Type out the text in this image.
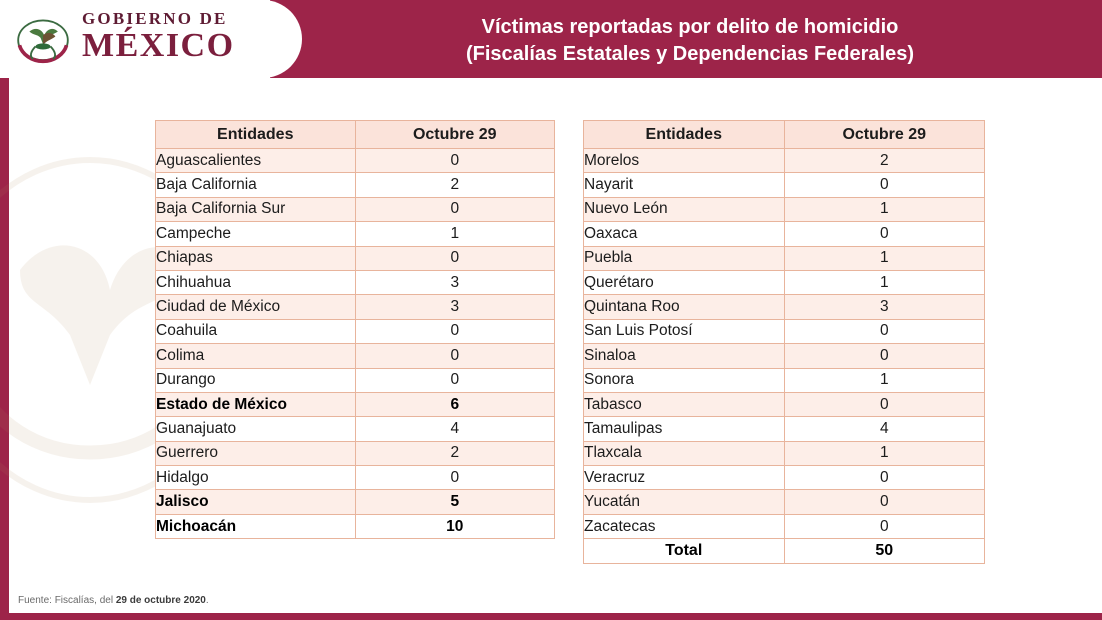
GOBIERNO DE
MÉXICO	Víctimas reportadas por delito de homicidio
(Fiscalías Estatales y Dependencias Federales)
Entidades	Octubre 29
Aguascalientes	0
Baja California	2
Baja California Sur	0
Campeche	1
Chiapas	0
Chihuahua	3
Ciudad de México	3
Coahuila	0
Colima	0
Durango	0
Estado de México	6
Guanajuato	4
Guerrero	2
Hidalgo	0
Jalisco	5
Michoacán	10
Entidades	Octubre 29
Morelos	2
Nayarit	0
Nuevo León	1
Oaxaca	0
Puebla	1
Querétaro	1
Quintana Roo	3
San Luis Potosí	0
Sinaloa	0
Sonora	1
Tabasco	0
Tamaulipas	4
Tlaxcala	1
Veracruz	0
Yucatán	0
Zacatecas	0
Total	50
Fuente: Fiscalías, del 29 de octubre 2020.
